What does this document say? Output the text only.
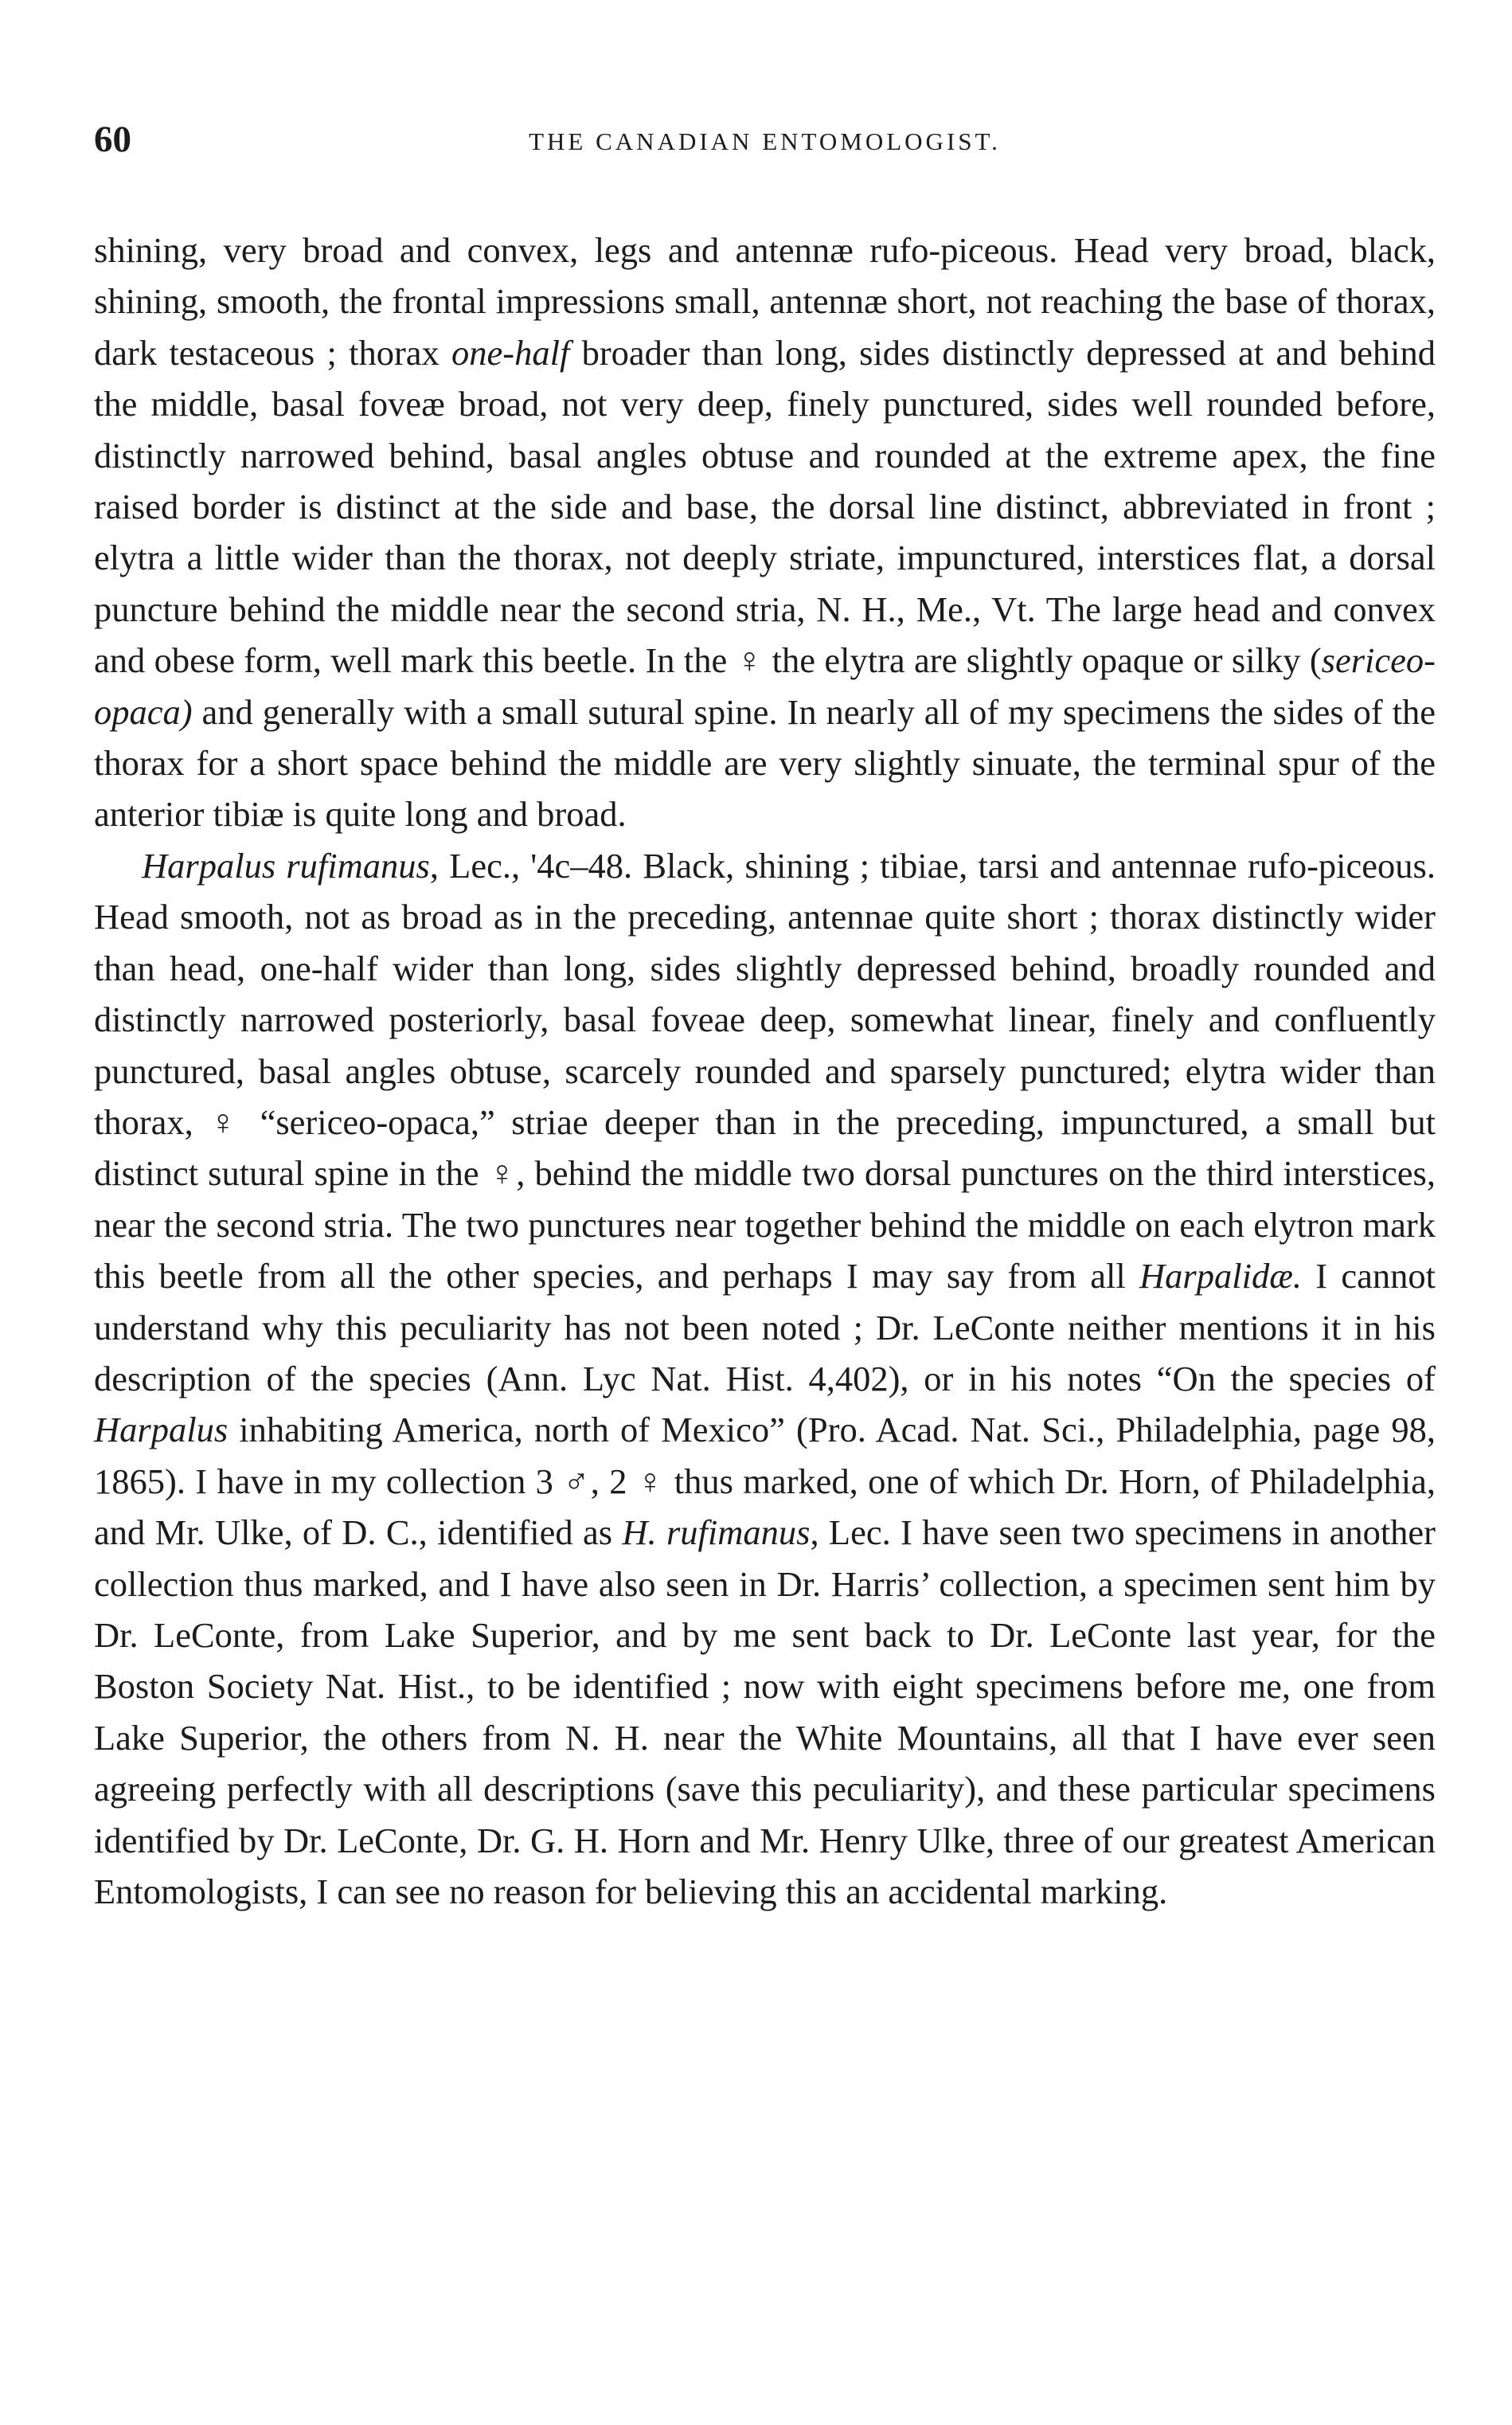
60	THE CANADIAN ENTOMOLOGIST.

shining, very broad and convex, legs and antennæ rufo-piceous. Head very broad, black, shining, smooth, the frontal impressions small, antennæ short, not reaching the base of thorax, dark testaceous ; thorax one-half broader than long, sides distinctly depressed at and behind the middle, basal foveæ broad, not very deep, finely punctured, sides well rounded before, distinctly narrowed behind, basal angles obtuse and rounded at the extreme apex, the fine raised border is distinct at the side and base, the dorsal line distinct, abbreviated in front ; elytra a little wider than the thorax, not deeply striate, impunctured, interstices flat, a dorsal puncture behind the middle near the second stria, N. H., Me., Vt. The large head and convex and obese form, well mark this beetle. In the ♀ the elytra are slightly opaque or silky (sericeo-opaca) and generally with a small sutural spine. In nearly all of my specimens the sides of the thorax for a short space behind the middle are very slightly sinuate, the terminal spur of the anterior tibiæ is quite long and broad.

Harpalus rufimanus, Lec., '4c–48. Black, shining ; tibiae, tarsi and antennae rufo-piceous. Head smooth, not as broad as in the preceding, antennae quite short ; thorax distinctly wider than head, one-half wider than long, sides slightly depressed behind, broadly rounded and distinctly narrowed posteriorly, basal foveae deep, somewhat linear, finely and confluently punctured, basal angles obtuse, scarcely rounded and sparsely punctured; elytra wider than thorax, ♀ “sericeo-opaca,” striae deeper than in the preceding, impunctured, a small but distinct sutural spine in the ♀, behind the middle two dorsal punctures on the third interstices, near the second stria. The two punctures near together behind the middle on each elytron mark this beetle from all the other species, and perhaps I may say from all Harpalidæ. I cannot understand why this peculiarity has not been noted ; Dr. LeConte neither mentions it in his description of the species (Ann. Lyc Nat. Hist. 4,402), or in his notes “On the species of Harpalus inhabiting America, north of Mexico” (Pro. Acad. Nat. Sci., Philadelphia, page 98, 1865). I have in my collection 3 ♂, 2 ♀ thus marked, one of which Dr. Horn, of Philadelphia, and Mr. Ulke, of D. C., identified as H. rufimanus, Lec. I have seen two specimens in another collection thus marked, and I have also seen in Dr. Harris’ collection, a specimen sent him by Dr. LeConte, from Lake Superior, and by me sent back to Dr. LeConte last year, for the Boston Society Nat. Hist., to be identified ; now with eight specimens before me, one from Lake Superior, the others from N. H. near the White Mountains, all that I have ever seen agreeing perfectly with all descriptions (save this peculiarity), and these particular specimens identified by Dr. LeConte, Dr. G. H. Horn and Mr. Henry Ulke, three of our greatest American Entomologists, I can see no reason for believing this an accidental marking.
